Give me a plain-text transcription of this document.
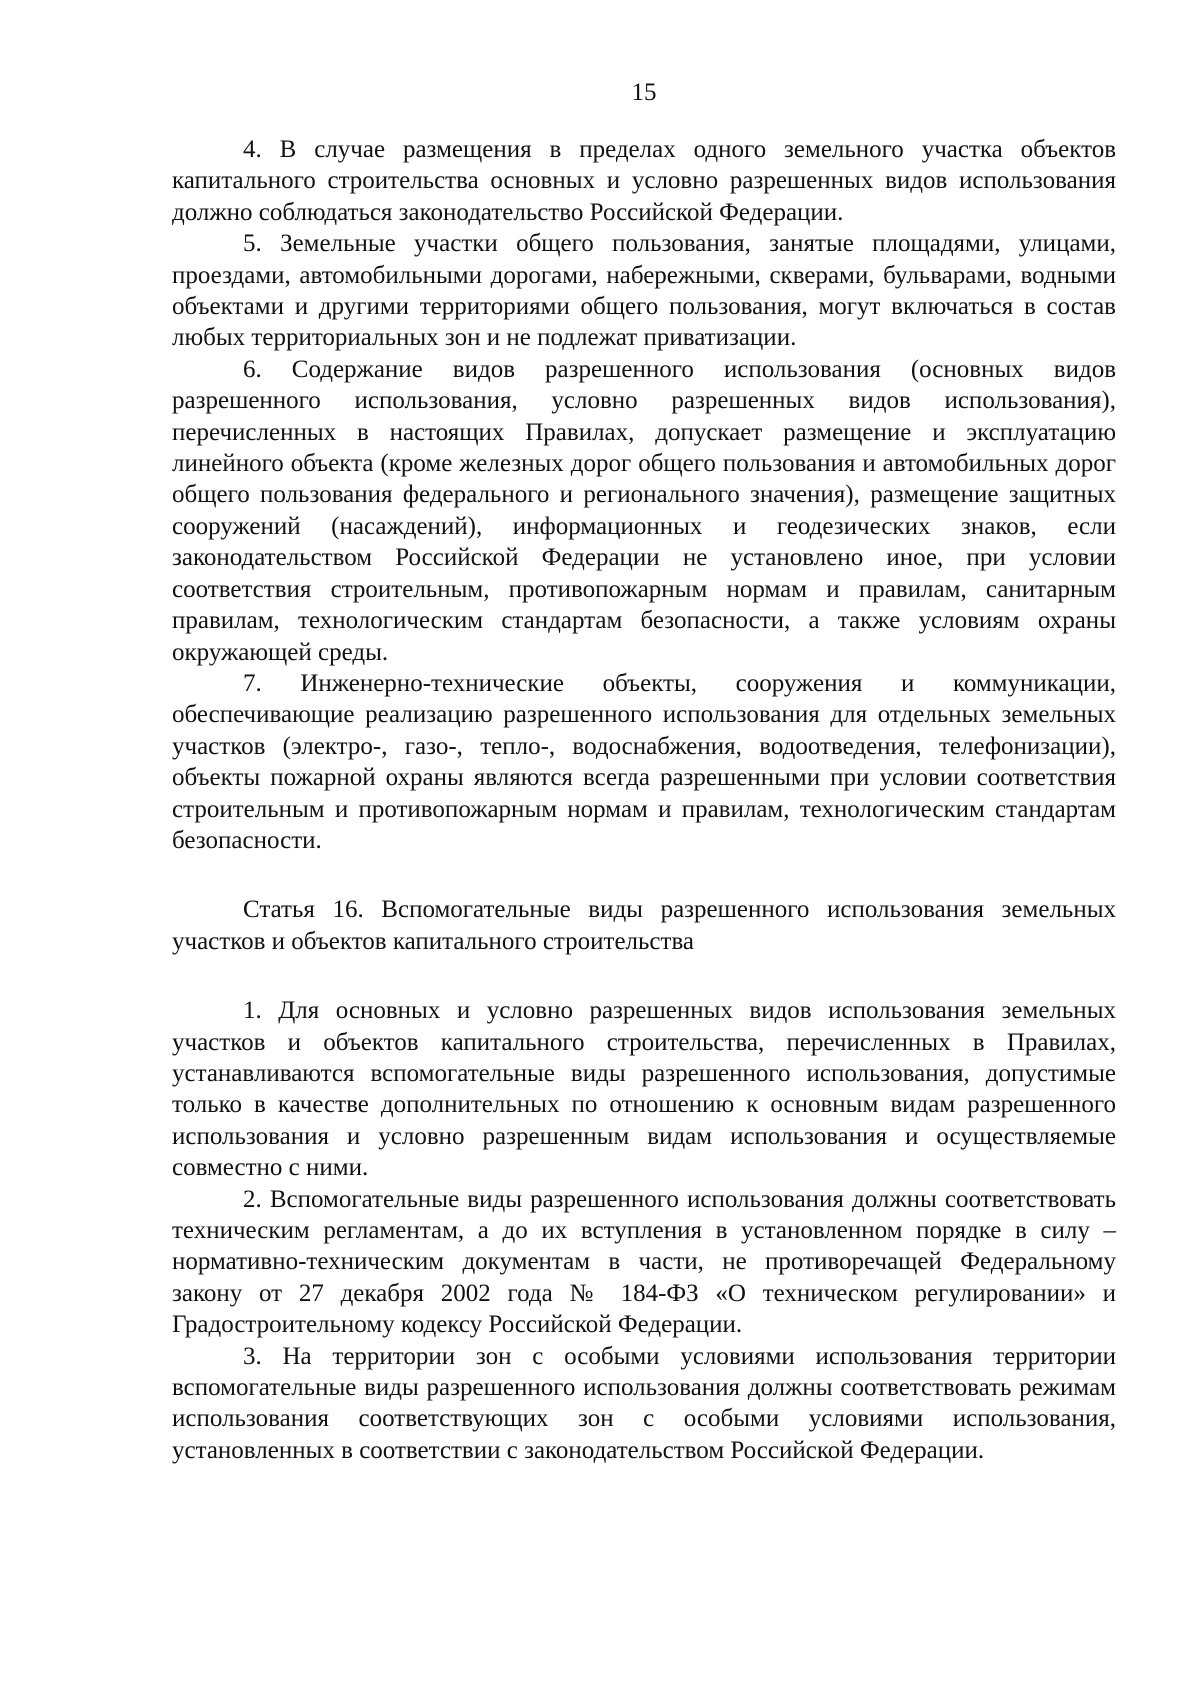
15

4. В случае размещения в пределах одного земельного участка объектов капитального строительства основных и условно разрешенных видов использования должно соблюдаться законодательство Российской Федерации.

5. Земельные участки общего пользования, занятые площадями, улицами, проездами, автомобильными дорогами, набережными, скверами, бульварами, водными объектами и другими территориями общего пользования, могут включаться в состав любых территориальных зон и не подлежат приватизации.

6. Содержание видов разрешенного использования (основных видов разрешенного использования, условно разрешенных видов использования), перечисленных в настоящих Правилах, допускает размещение и эксплуатацию линейного объекта (кроме железных дорог общего пользования и автомобильных дорог общего пользования федерального и регионального значения), размещение защитных сооружений (насаждений), информационных и геодезических знаков, если законодательством Российской Федерации не установлено иное, при условии соответствия строительным, противопожарным нормам и правилам, санитарным правилам, технологическим стандартам безопасности, а также условиям охраны окружающей среды.

7. Инженерно-технические объекты, сооружения и коммуникации, обеспечивающие реализацию разрешенного использования для отдельных земельных участков (электро-, газо-, тепло-, водоснабжения, водоотведения, телефонизации), объекты пожарной охраны являются всегда разрешенными при условии соответствия строительным и противопожарным нормам и правилам, технологическим стандартам безопасности.

Статья 16. Вспомогательные виды разрешенного использования земельных участков и объектов капитального строительства

1. Для основных и условно разрешенных видов использования земельных участков и объектов капитального строительства, перечисленных в Правилах, устанавливаются вспомогательные виды разрешенного использования, допустимые только в качестве дополнительных по отношению к основным видам разрешенного использования и условно разрешенным видам использования и осуществляемые совместно с ними.

2. Вспомогательные виды разрешенного использования должны соответствовать техническим регламентам, а до их вступления в установленном порядке в силу – нормативно-техническим документам в части, не противоречащей Федеральному закону от 27 декабря 2002 года № 184-ФЗ «О техническом регулировании» и Градостроительному кодексу Российской Федерации.

3. На территории зон с особыми условиями использования территории вспомогательные виды разрешенного использования должны соответствовать режимам использования соответствующих зон с особыми условиями использования, установленных в соответствии с законодательством Российской Федерации.
